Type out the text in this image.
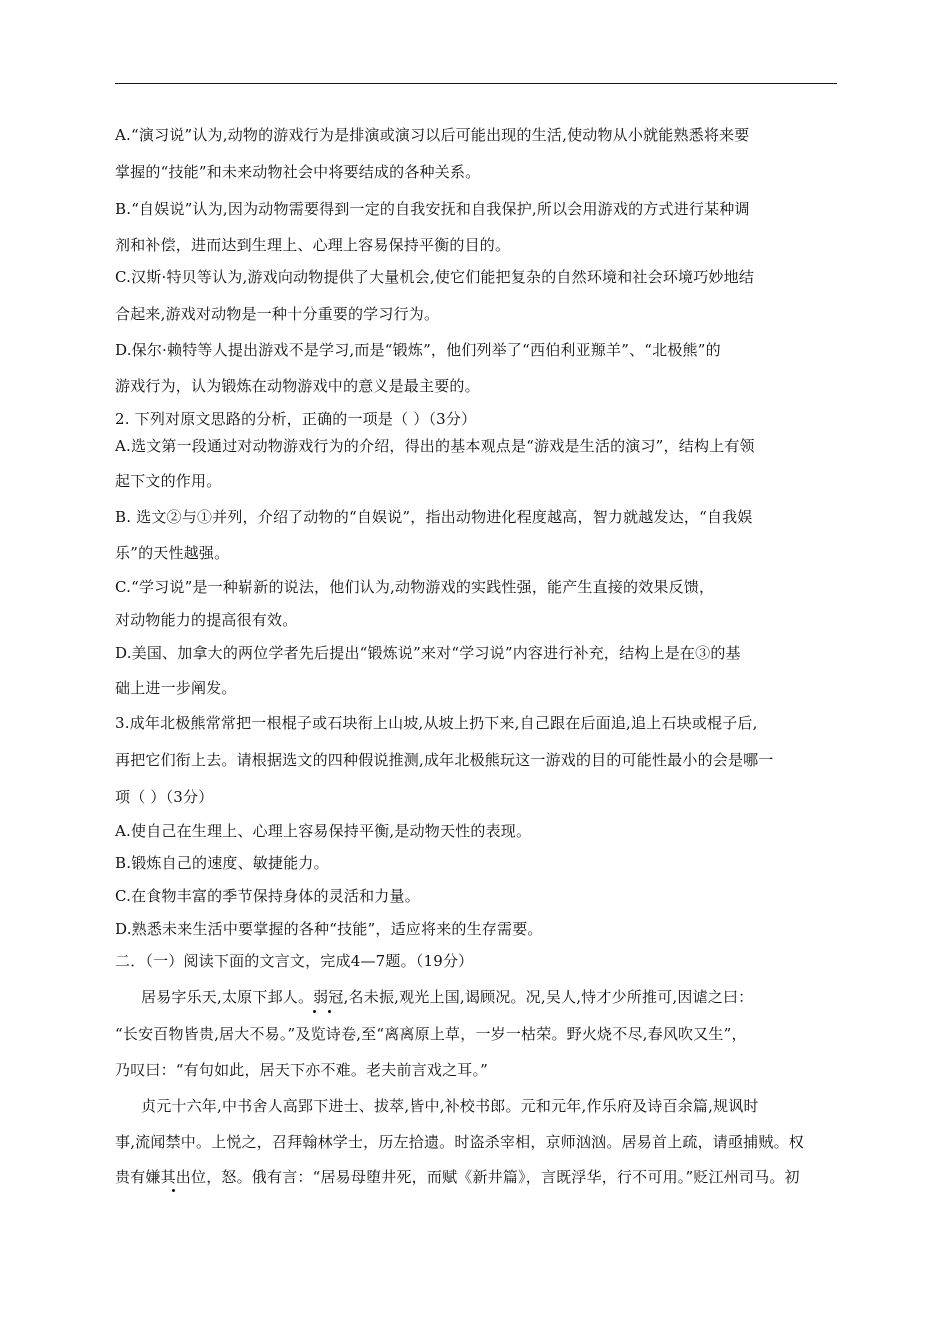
A.“演习说”认为,动物的游戏行为是排演或演习以后可能出现的生活,使动物从小就能熟悉将来要
掌握的“技能”和未来动物社会中将要结成的各种关系。
B.“自娱说”认为,因为动物需要得到一定的自我安抚和自我保护,所以会用游戏的方式进行某种调
剂和补偿，进而达到生理上、心理上容易保持平衡的目的。
C.汉斯·特贝等认为,游戏向动物提供了大量机会,使它们能把复杂的自然环境和社会环境巧妙地结
合起来,游戏对动物是一种十分重要的学习行为。
D.保尔·赖特等人提出游戏不是学习,而是“锻炼”，他们列举了“西伯利亚羱羊”、“北极熊”的
游戏行为，认为锻炼在动物游戏中的意义是最主要的。
2. 下列对原文思路的分析，正确的一项是（ ）（3分）
A.选文第一段通过对动物游戏行为的介绍，得出的基本观点是“游戏是生活的演习”，结构上有领
起下文的作用。
B. 选文②与①并列，介绍了动物的“自娱说”，指出动物进化程度越高，智力就越发达，“自我娱
乐”的天性越强。
C.“学习说”是一种崭新的说法，他们认为,动物游戏的实践性强，能产生直接的效果反馈，
对动物能力的提高很有效。
D.美国、加拿大的两位学者先后提出“锻炼说”来对“学习说”内容进行补充，结构上是在③的基
础上进一步阐发。
3.成年北极熊常常把一根棍子或石块衔上山坡,从坡上扔下来,自己跟在后面追,追上石块或棍子后,
再把它们衔上去。请根据选文的四种假说推测,成年北极熊玩这一游戏的目的可能性最小的会是哪一
项（ ）（3分）
A.使自己在生理上、心理上容易保持平衡,是动物天性的表现。
B.锻炼自己的速度、敏捷能力。
C.在食物丰富的季节保持身体的灵活和力量。
D.熟悉未来生活中要掌握的各种“技能”，适应将来的生存需要。
二．（一）阅读下面的文言文，完成4—7题。（19分）
居易字乐天,太原下邽人。弱冠,名未振,观光上国,谒顾况。况,吴人,恃才少所推可,因谑之曰：
“长安百物皆贵,居大不易。”及览诗卷,至“离离原上草，一岁一枯荣。野火烧不尽,春风吹又生”，
乃叹曰：“有句如此，居天下亦不难。老夫前言戏之耳。”
贞元十六年,中书舍人高郢下进士、拔萃,皆中,补校书郎。元和元年,作乐府及诗百余篇,规讽时
事,流闻禁中。上悦之，召拜翰林学士，历左拾遗。时盗杀宰相，京师汹汹。居易首上疏，请亟捕贼。权
贵有嫌其出位，怒。俄有言：“居易母堕井死，而赋《新井篇》，言既浮华，行不可用。”贬江州司马。初
